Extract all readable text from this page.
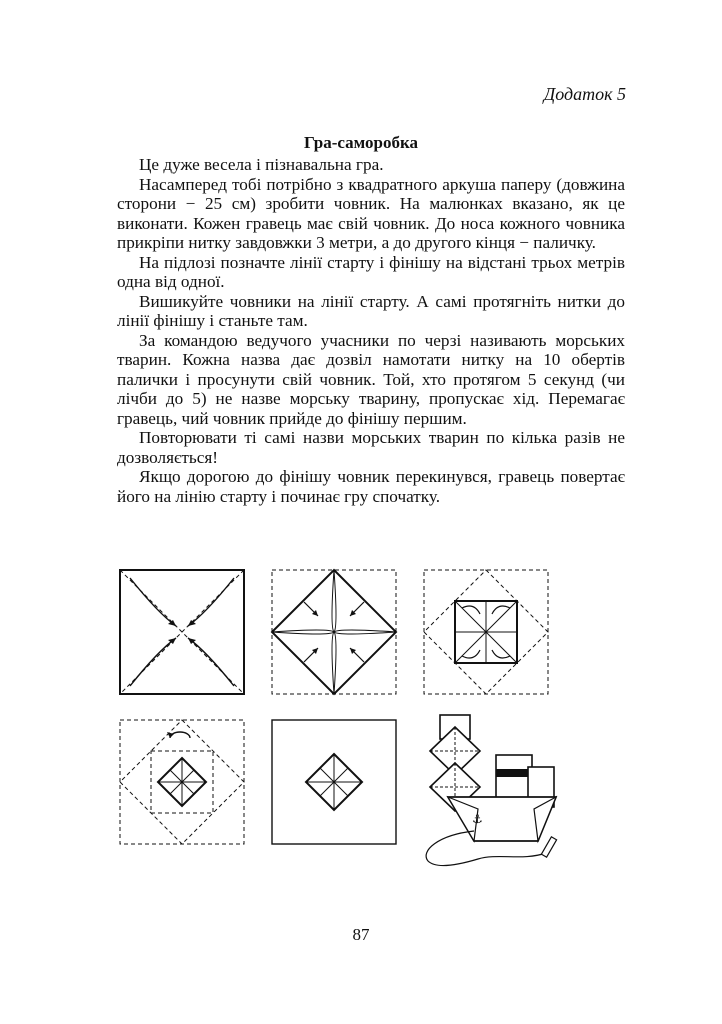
Додаток 5
Гра-саморобка

Це дуже весела і пізнавальна гра.

Насамперед тобі потрібно з квадратного аркуша паперу (довжина сторони − 25 см) зробити човник. На малюнках вказано, як це виконати. Кожен гравець має свій човник. До носа кожного човника прикріпи нитку завдовжки 3 метри, а до другого кінця − паличку.

На підлозі позначте лінії старту і фінішу на відстані трьох метрів одна від одної.

Вишикуйте човники на лінії старту. А самі протягніть нитки до лінії фінішу і станьте там.

За командою ведучого учасники по черзі називають морських тварин. Кожна назва дає дозвіл намотати нитку на 10 обертів палички і просунути свій човник. Той, хто протягом 5 секунд (чи лічби до 5) не назве морську тварину, пропускає хід. Перемагає гравець, чий човник прийде до фінішу першим.

Повторювати ті самі назви морських тварин по кілька разів не дозволяється!

Якщо дорогою до фінішу човник перекинувся, гравець повертає його на лінію старту і починає гру спочатку.

⚓
87
